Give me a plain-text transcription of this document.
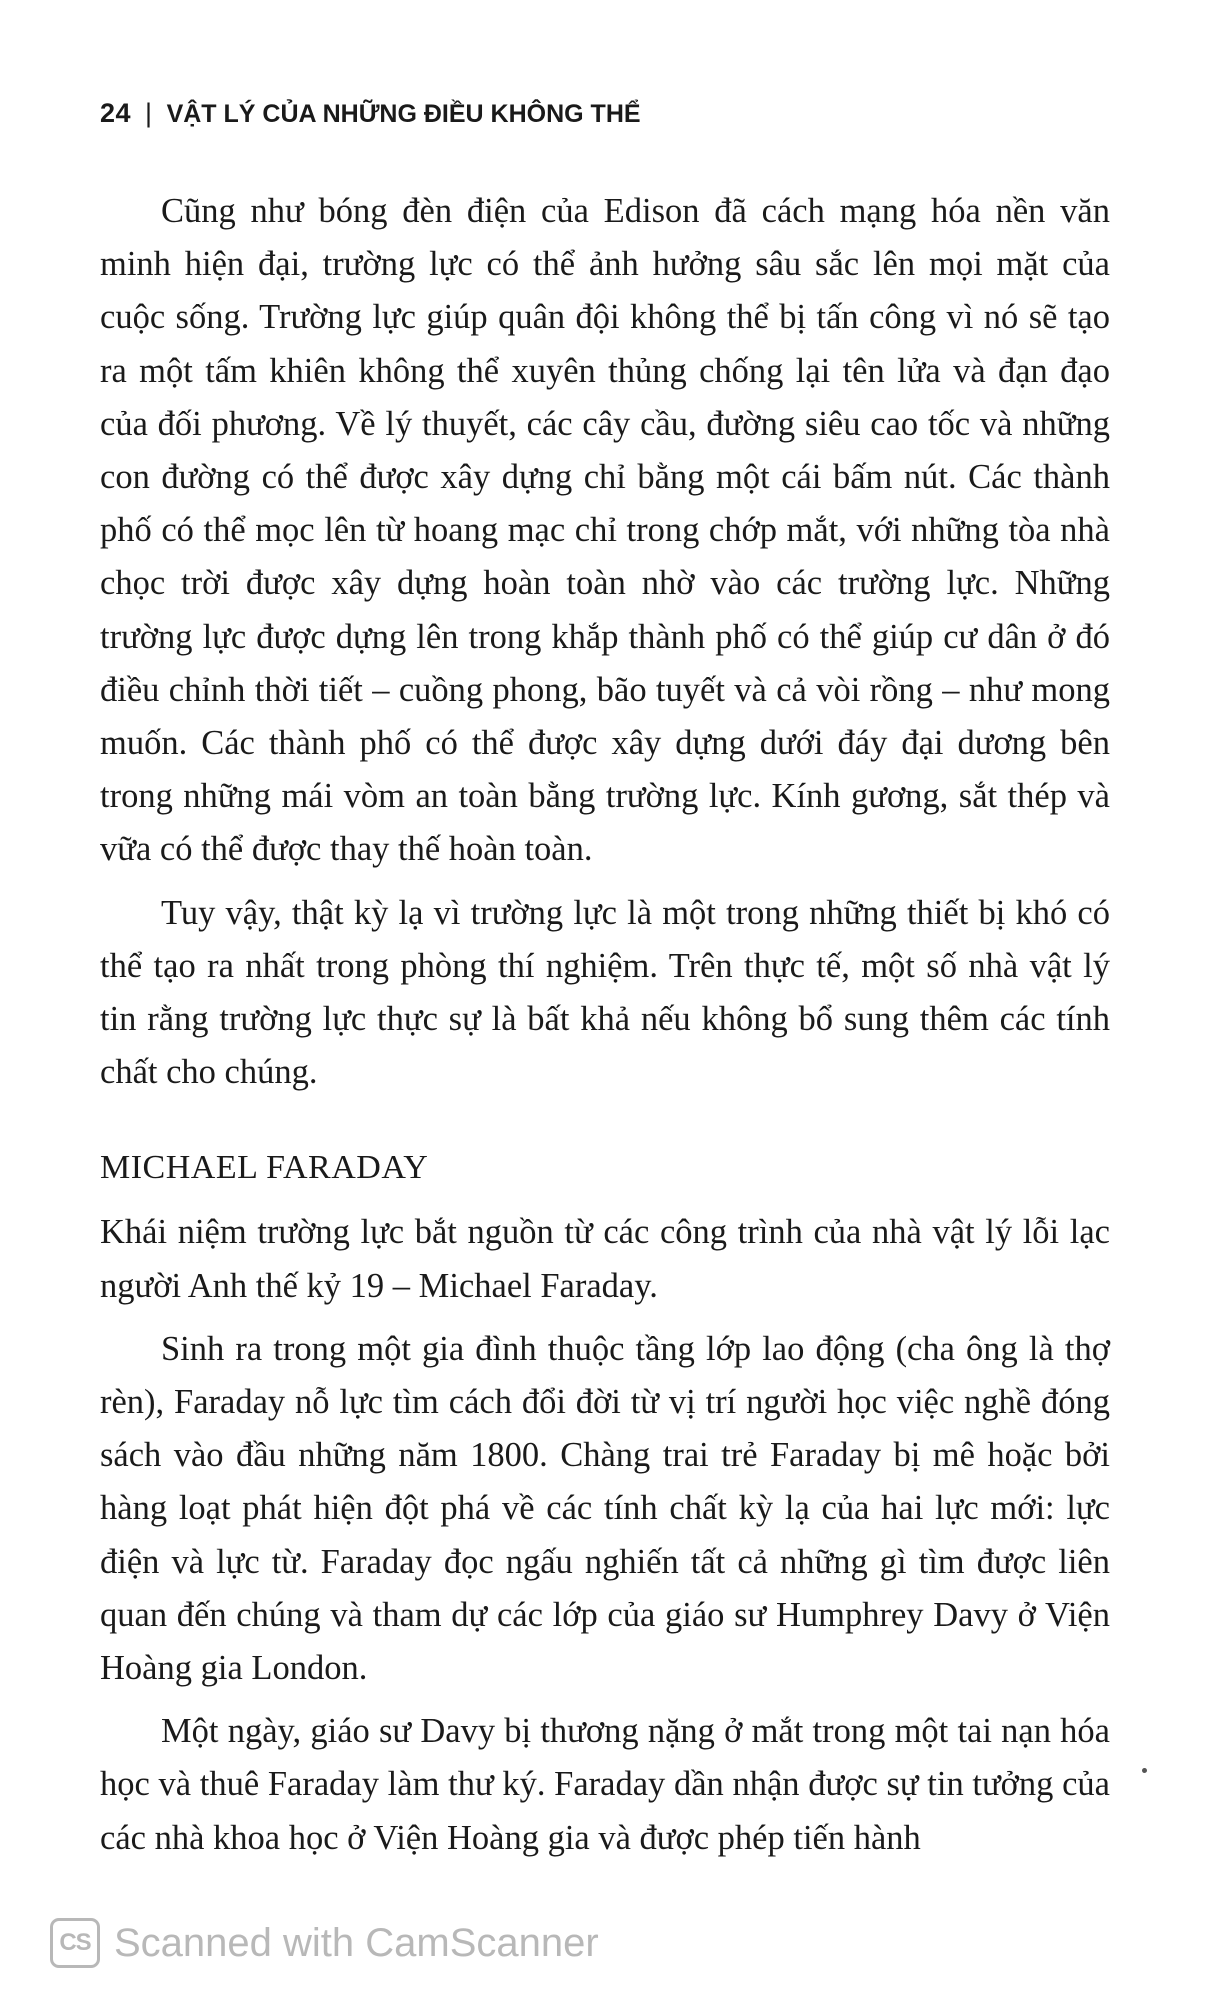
24 | VẬT LÝ CỦA NHỮNG ĐIỀU KHÔNG THỂ

Cũng như bóng đèn điện của Edison đã cách mạng hóa nền văn minh hiện đại, trường lực có thể ảnh hưởng sâu sắc lên mọi mặt của cuộc sống. Trường lực giúp quân đội không thể bị tấn công vì nó sẽ tạo ra một tấm khiên không thể xuyên thủng chống lại tên lửa và đạn đạo của đối phương. Về lý thuyết, các cây cầu, đường siêu cao tốc và những con đường có thể được xây dựng chỉ bằng một cái bấm nút. Các thành phố có thể mọc lên từ hoang mạc chỉ trong chớp mắt, với những tòa nhà chọc trời được xây dựng hoàn toàn nhờ vào các trường lực. Những trường lực được dựng lên trong khắp thành phố có thể giúp cư dân ở đó điều chỉnh thời tiết – cuồng phong, bão tuyết và cả vòi rồng – như mong muốn. Các thành phố có thể được xây dựng dưới đáy đại dương bên trong những mái vòm an toàn bằng trường lực. Kính gương, sắt thép và vữa có thể được thay thế hoàn toàn.

Tuy vậy, thật kỳ lạ vì trường lực là một trong những thiết bị khó có thể tạo ra nhất trong phòng thí nghiệm. Trên thực tế, một số nhà vật lý tin rằng trường lực thực sự là bất khả nếu không bổ sung thêm các tính chất cho chúng.

MICHAEL FARADAY

Khái niệm trường lực bắt nguồn từ các công trình của nhà vật lý lỗi lạc người Anh thế kỷ 19 – Michael Faraday.

Sinh ra trong một gia đình thuộc tầng lớp lao động (cha ông là thợ rèn), Faraday nỗ lực tìm cách đổi đời từ vị trí người học việc nghề đóng sách vào đầu những năm 1800. Chàng trai trẻ Faraday bị mê hoặc bởi hàng loạt phát hiện đột phá về các tính chất kỳ lạ của hai lực mới: lực điện và lực từ. Faraday đọc ngấu nghiến tất cả những gì tìm được liên quan đến chúng và tham dự các lớp của giáo sư Humphrey Davy ở Viện Hoàng gia London.

Một ngày, giáo sư Davy bị thương nặng ở mắt trong một tai nạn hóa học và thuê Faraday làm thư ký. Faraday dần nhận được sự tin tưởng của các nhà khoa học ở Viện Hoàng gia và được phép tiến hành

CS Scanned with CamScanner
